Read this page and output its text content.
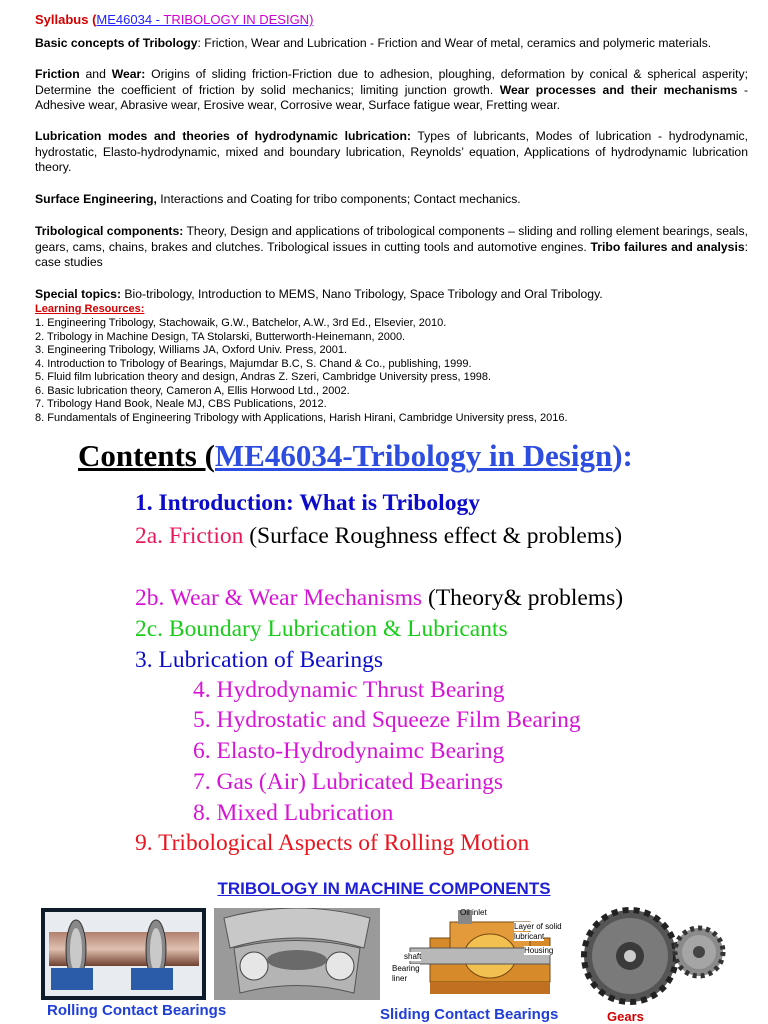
Syllabus (ME46034 - TRIBOLOGY IN DESIGN)
Basic concepts of Tribology: Friction, Wear and Lubrication - Friction and Wear of metal, ceramics and polymeric materials.
Friction and Wear: Origins of sliding friction-Friction due to adhesion, ploughing, deformation by conical & spherical asperity; Determine the coefficient of friction by solid mechanics; limiting junction growth. Wear processes and their mechanisms - Adhesive wear, Abrasive wear, Erosive wear, Corrosive wear, Surface fatigue wear, Fretting wear.
Lubrication modes and theories of hydrodynamic lubrication: Types of lubricants, Modes of lubrication - hydrodynamic, hydrostatic, Elasto-hydrodynamic, mixed and boundary lubrication, Reynolds’ equation, Applications of hydrodynamic lubrication theory.
Surface Engineering, Interactions and Coating for tribo components; Contact mechanics.
Tribological components: Theory, Design and applications of tribological components – sliding and rolling element bearings, seals, gears, cams, chains, brakes and clutches. Tribological issues in cutting tools and automotive engines. Tribo failures and analysis: case studies
Special topics: Bio-tribology, Introduction to MEMS, Nano Tribology, Space Tribology and Oral Tribology.
Learning Resources:
1. Engineering Tribology, Stachowaik, G.W., Batchelor, A.W., 3rd Ed., Elsevier, 2010.
2. Tribology in Machine Design, TA Stolarski, Butterworth-Heinemann, 2000.
3. Engineering Tribology, Williams JA, Oxford Univ. Press, 2001.
4. Introduction to Tribology of Bearings, Majumdar B.C, S. Chand & Co., publishing, 1999.
5. Fluid film lubrication theory and design, Andras Z. Szeri, Cambridge University press, 1998.
6. Basic lubrication theory, Cameron A, Ellis Horwood Ltd., 2002.
7. Tribology Hand Book, Neale MJ, CBS Publications, 2012.
8. Fundamentals of Engineering Tribology with Applications, Harish Hirani, Cambridge University press, 2016.
Contents (ME46034-Tribology in Design):
1. Introduction: What is Tribology
2a. Friction (Surface Roughness effect & problems)
2b. Wear & Wear Mechanisms (Theory& problems)
2c. Boundary Lubrication & Lubricants
3. Lubrication of Bearings
4. Hydrodynamic Thrust Bearing
5. Hydrostatic and Squeeze Film Bearing
6. Elasto-Hydrodynaimc Bearing
7. Gas (Air) Lubricated Bearings
8. Mixed Lubrication
9. Tribological Aspects of Rolling Motion
TRIBOLOGY IN MACHINE COMPONENTS
Oil inlet
Layer of solid
lubricant
Housing
shaft
Bearing
liner
Rolling Contact Bearings	Sliding Contact Bearings	Gears
